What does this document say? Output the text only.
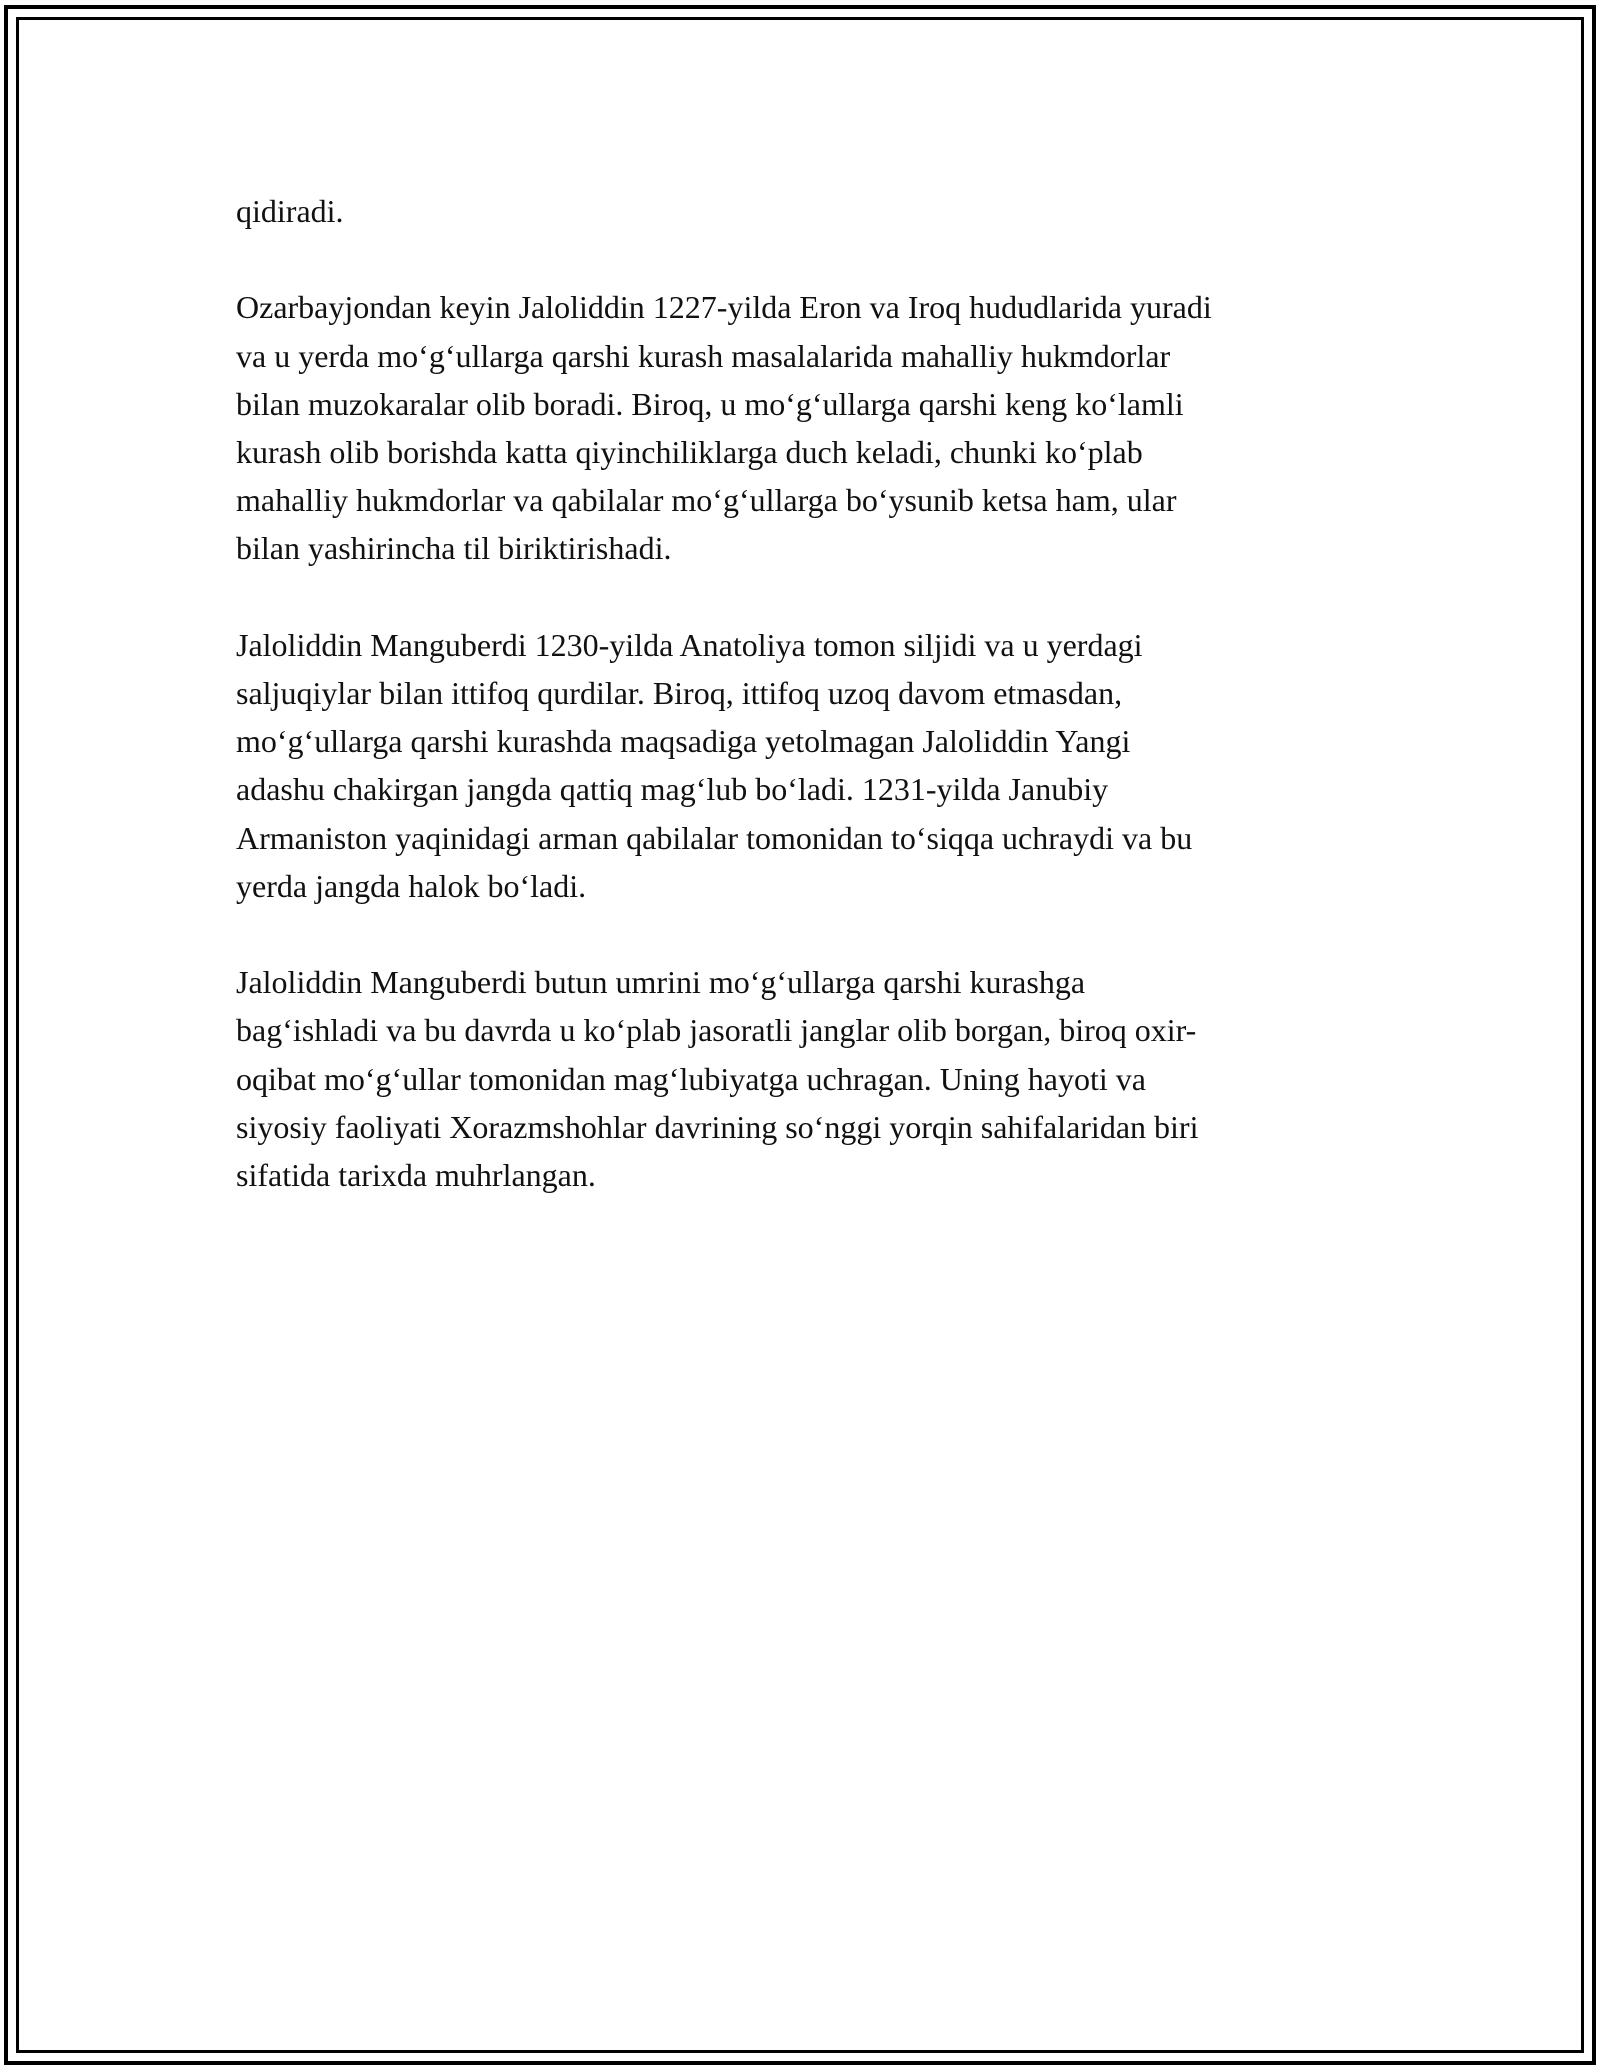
qidiradi.

Ozarbayjondan keyin Jaloliddin 1227-yilda Eron va Iroq hududlarida yuradi
va u yerda mo‘g‘ullarga qarshi kurash masalalarida mahalliy hukmdorlar
bilan muzokaralar olib boradi. Biroq, u mo‘g‘ullarga qarshi keng ko‘lamli
kurash olib borishda katta qiyinchiliklarga duch keladi, chunki ko‘plab
mahalliy hukmdorlar va qabilalar mo‘g‘ullarga bo‘ysunib ketsa ham, ular
bilan yashirincha til biriktirishadi.

Jaloliddin Manguberdi 1230-yilda Anatoliya tomon siljidi va u yerdagi
saljuqiylar bilan ittifoq qurdilar. Biroq, ittifoq uzoq davom etmasdan,
mo‘g‘ullarga qarshi kurashda maqsadiga yetolmagan Jaloliddin Yangi
adashu chakirgan jangda qattiq mag‘lub bo‘ladi. 1231-yilda Janubiy
Armaniston yaqinidagi arman qabilalar tomonidan to‘siqqa uchraydi va bu
yerda jangda halok bo‘ladi.

Jaloliddin Manguberdi butun umrini mo‘g‘ullarga qarshi kurashga
bag‘ishladi va bu davrda u ko‘plab jasoratli janglar olib borgan, biroq oxir-
oqibat mo‘g‘ullar tomonidan mag‘lubiyatga uchragan. Uning hayoti va
siyosiy faoliyati Xorazmshohlar davrining so‘nggi yorqin sahifalaridan biri
sifatida tarixda muhrlangan.
